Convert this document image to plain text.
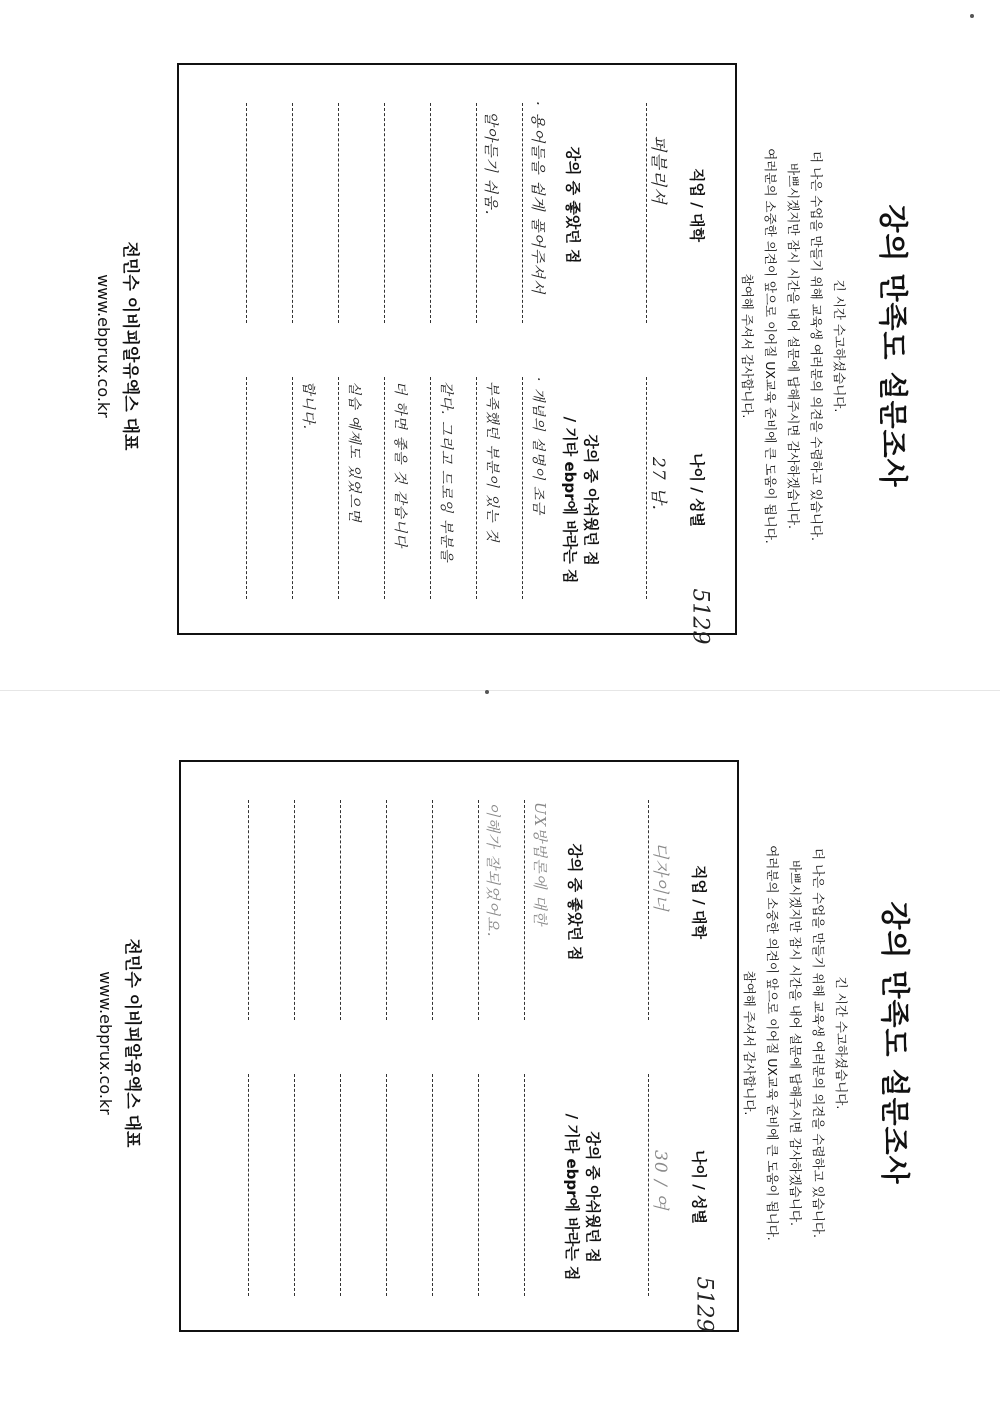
강의 만족도 설문조사
긴 시간 수고하셨습니다.
더 나은 수업을 만들기 위해 교육생 여러분의 의견을 수렴하고 있습니다.
바쁘시겠지만 잠시 시간을 내어 설문에 답해주시면 감사하겠습니다.
여러분의 소중한 의견이 앞으로 이어질 UX교육 준비에 큰 도움이 됩니다.
참여해 주셔서 감사합니다.
직업 / 대학
나이 / 성별
퍼블리셔
27 남.
강의 중 좋았던 점
강의 중 아쉬웠던 점
/ 기타 ebpr에 바라는 점
· 용어들을 쉽게 풀어주셔서
알아듣기 쉬움.
· 개념의 설명이 조금
부족했던 부분이 있는 것
같다. 그리고 드로잉 부분을
더 하면 좋을 것 같습니다
실습 예제도 있었으면
합니다.
전민수 이비피알유엑스 대표
www.ebprux.co.kr
5129
강의 만족도 설문조사
긴 시간 수고하셨습니다.
더 나은 수업을 만들기 위해 교육생 여러분의 의견을 수렴하고 있습니다.
바쁘시겠지만 잠시 시간을 내어 설문에 답해주시면 감사하겠습니다.
여러분의 소중한 의견이 앞으로 이어질 UX교육 준비에 큰 도움이 됩니다.
참여해 주셔서 감사합니다.
직업 / 대학
나이 / 성별
디자이너
30 / 여
강의 중 좋았던 점
강의 중 아쉬웠던 점
/ 기타 ebpr에 바라는 점
UX방법론에 대한
이해가 잘되었어요.
전민수 이비피알유엑스 대표
www.ebprux.co.kr
5129
